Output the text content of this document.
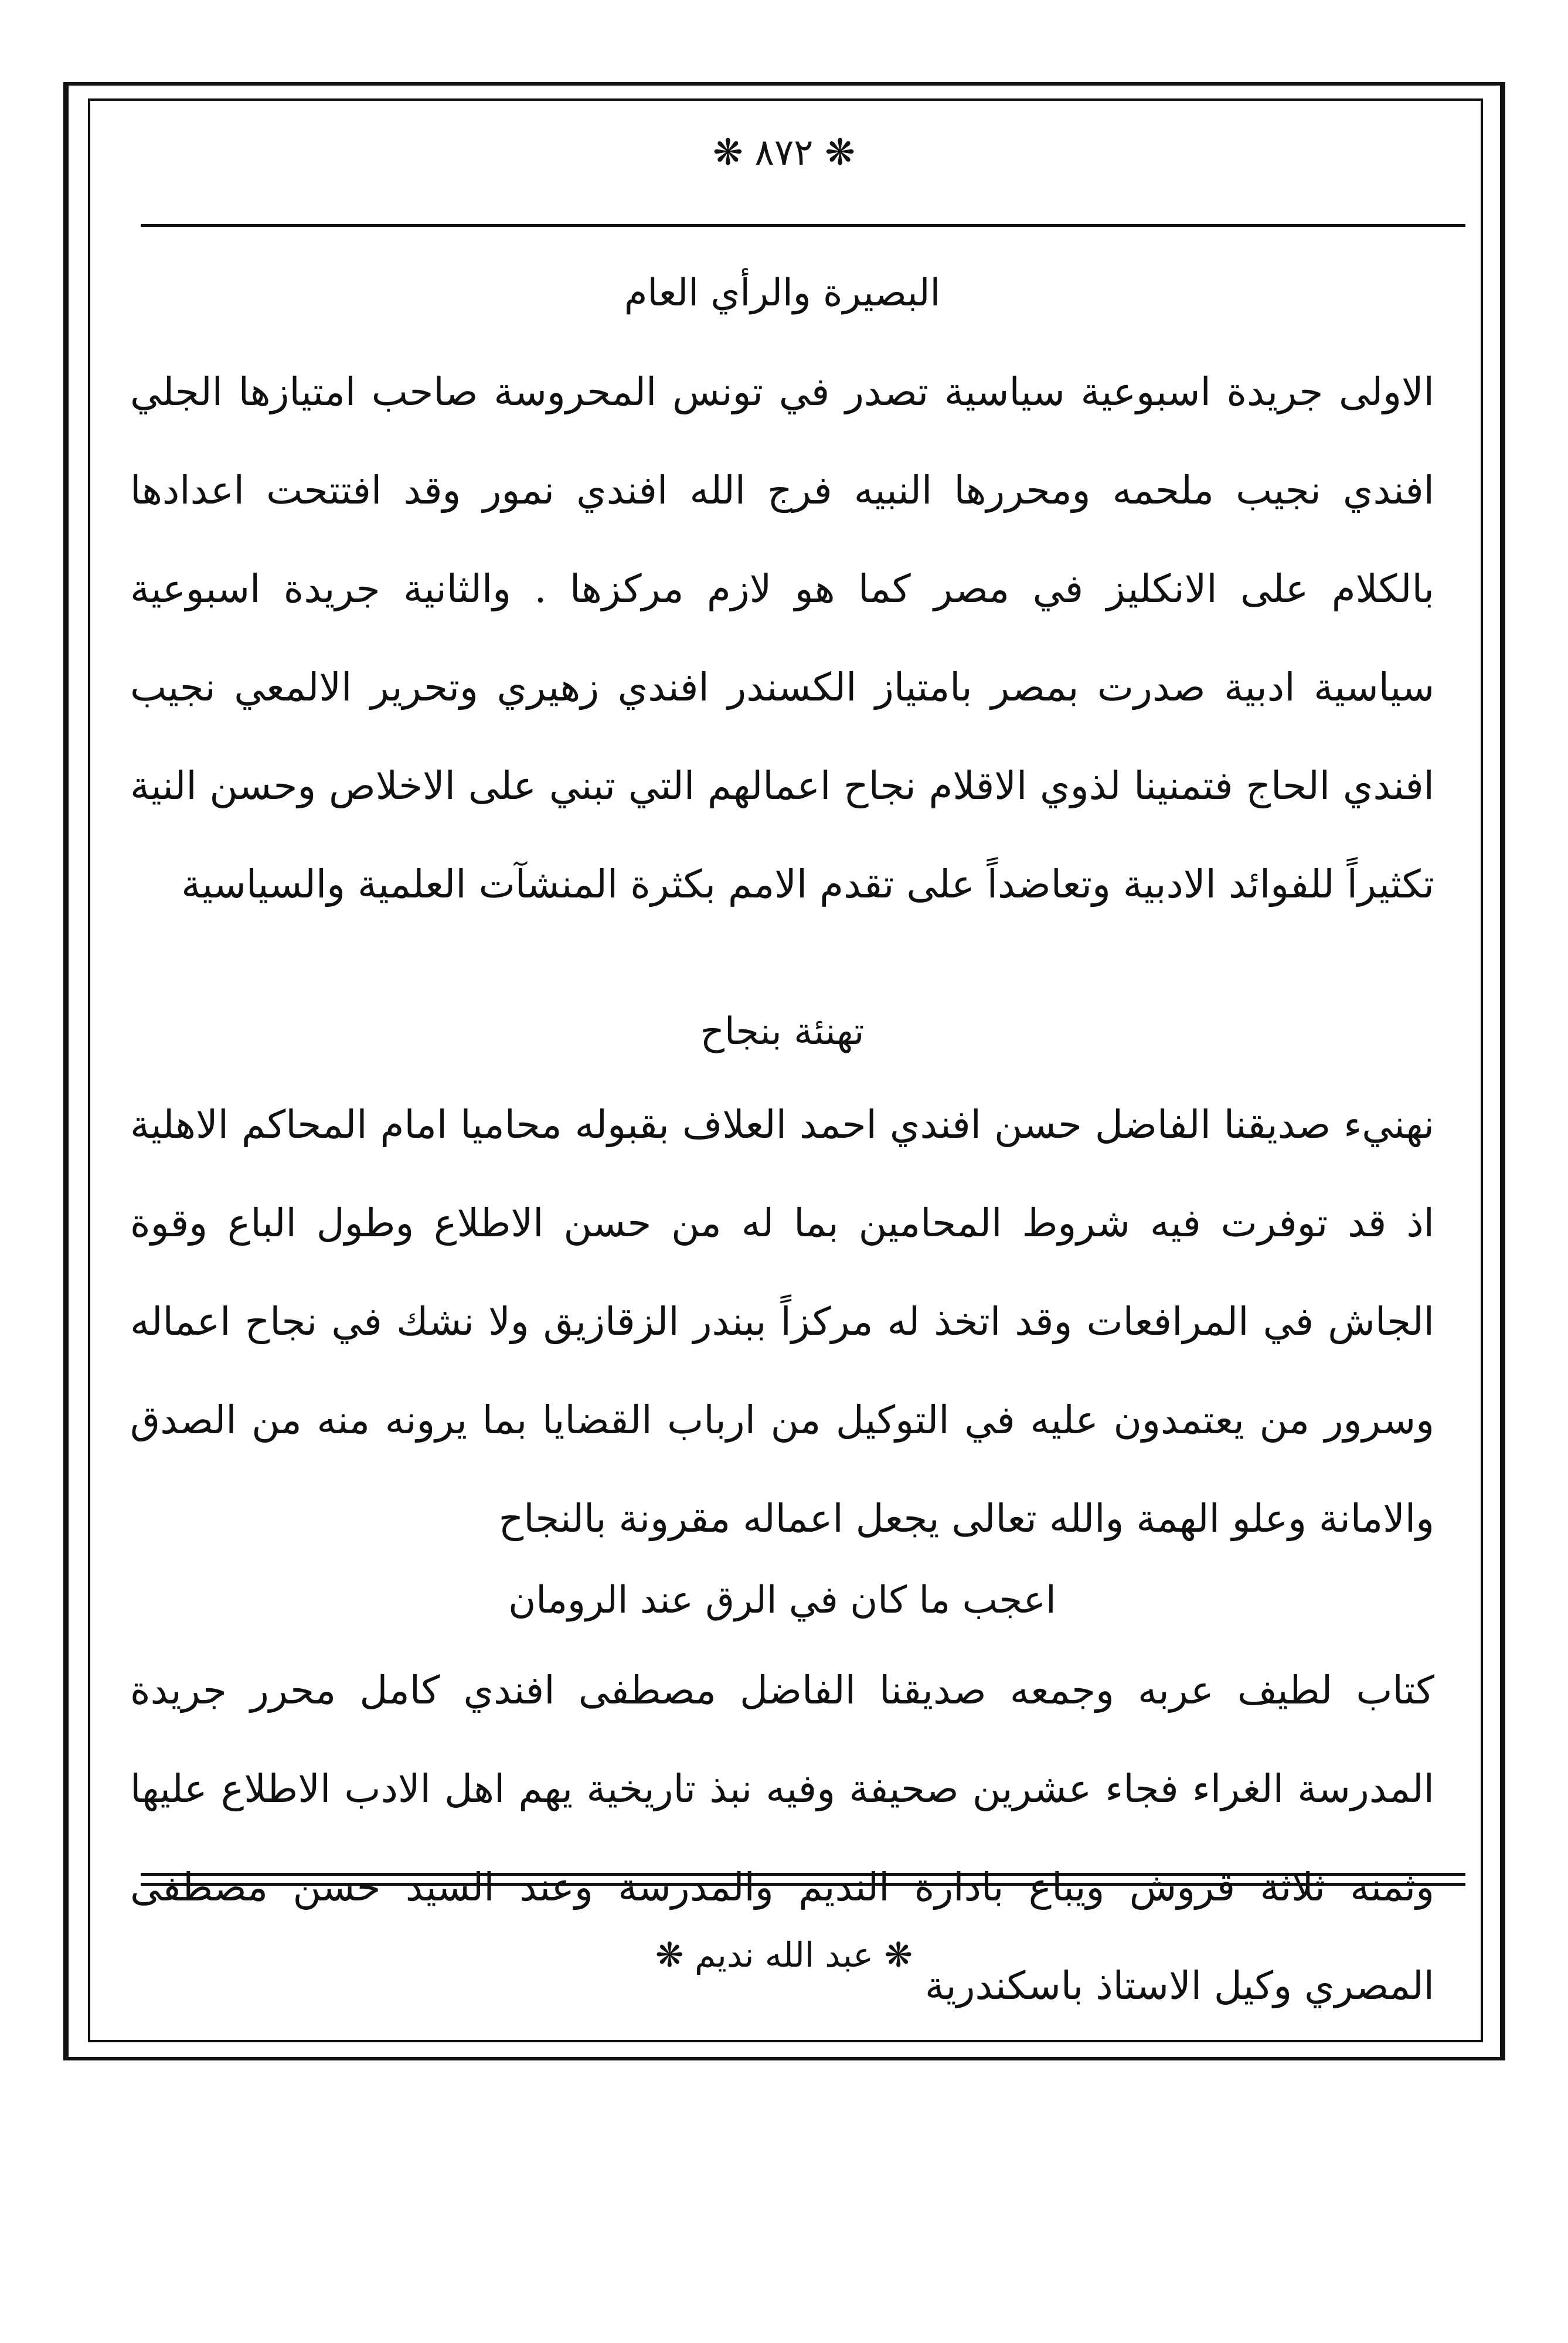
❋ ٨٧٢ ❋
البصيرة والرأي العام

الاولى جريدة اسبوعية سياسية تصدر في تونس المحروسة صاحب امتيازها الجلي افندي نجيب ملحمه ومحررها النبيه فرج الله افندي نمور وقد افتتحت اعدادها بالكلام على الانكليز في مصر كما هو لازم مركزها . والثانية جريدة اسبوعية سياسية ادبية صدرت بمصر بامتياز الكسندر افندي زهيري وتحرير الالمعي نجيب افندي الحاج فتمنينا لذوي الاقلام نجاح اعمالهم التي تبني على الاخلاص وحسن النية تكثيراً للفوائد الادبية وتعاضداً على تقدم الامم بكثرة المنشآت العلمية والسياسية

تهنئة بنجاح

نهنيء صديقنا الفاضل حسن افندي احمد العلاف بقبوله محاميا امام المحاكم الاهلية اذ قد توفرت فيه شروط المحامين بما له من حسن الاطلاع وطول الباع وقوة الجاش في المرافعات وقد اتخذ له مركزاً ببندر الزقازيق ولا نشك في نجاح اعماله وسرور من يعتمدون عليه في التوكيل من ارباب القضايا بما يرونه منه من الصدق والامانة وعلو الهمة والله تعالى يجعل اعماله مقرونة بالنجاح

اعجب ما كان في الرق عند الرومان

كتاب لطيف عربه وجمعه صديقنا الفاضل مصطفى افندي كامل محرر جريدة المدرسة الغراء فجاء عشرين صحيفة وفيه نبذ تاريخية يهم اهل الادب الاطلاع عليها وثمنه ثلاثة قروش ويباع بادارة النديم والمدرسة وعند السيد حسن مصطفى المصري وكيل الاستاذ باسكندرية

❋ عبد الله نديم ❋
